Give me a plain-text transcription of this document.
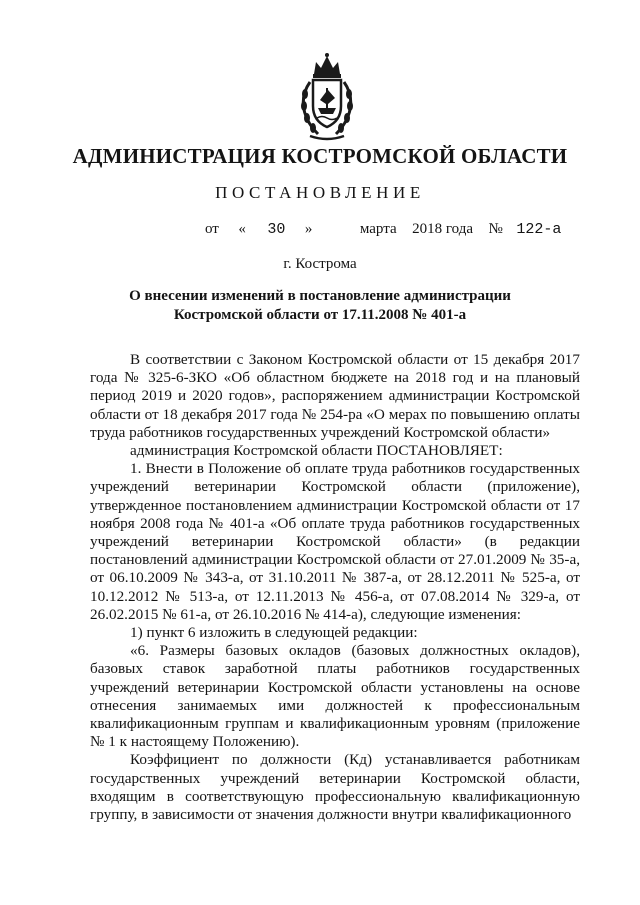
АДМИНИСТРАЦИЯ КОСТРОМСКОЙ ОБЛАСТИ
ПОСТАНОВЛЕНИЕ
от « 30 »	марта 2018 года № 122-а
г. Кострома
О внесении изменений в постановление администрации
Костромской области от 17.11.2008 № 401-а

В соответствии с Законом Костромской области от 15 декабря 2017 года № 325-6-ЗКО «Об областном бюджете на 2018 год и на плановый период 2019 и 2020 годов», распоряжением администрации Костромской области от 18 декабря 2017 года № 254-ра «О мерах по повышению оплаты труда работников государственных учреждений Костромской области»

администрация Костромской области ПОСТАНОВЛЯЕТ:

1. Внести в Положение об оплате труда работников государственных учреждений ветеринарии Костромской области (приложение), утвержденное постановлением администрации Костромской области от 17 ноября 2008 года № 401-а «Об оплате труда работников государственных учреждений ветеринарии Костромской области» (в редакции постановлений администрации Костромской области от 27.01.2009 № 35-а, от 06.10.2009 № 343-а, от 31.10.2011 № 387-а, от 28.12.2011 № 525-а, от 10.12.2012 № 513-а, от 12.11.2013 № 456-а, от 07.08.2014 № 329-а, от 26.02.2015 № 61-а, от 26.10.2016 № 414-а), следующие изменения:

1) пункт 6 изложить в следующей редакции:

«6. Размеры базовых окладов (базовых должностных окладов), базовых ставок заработной платы работников государственных учреждений ветеринарии Костромской области установлены на основе отнесения занимаемых ими должностей к профессиональным квалификационным группам и квалификационным уровням (приложение № 1 к настоящему Положению).

Коэффициент по должности (Кд) устанавливается работникам государственных учреждений ветеринарии Костромской области, входящим в соответствующую профессиональную квалификационную группу, в зависимости от значения должности внутри квалификационного
